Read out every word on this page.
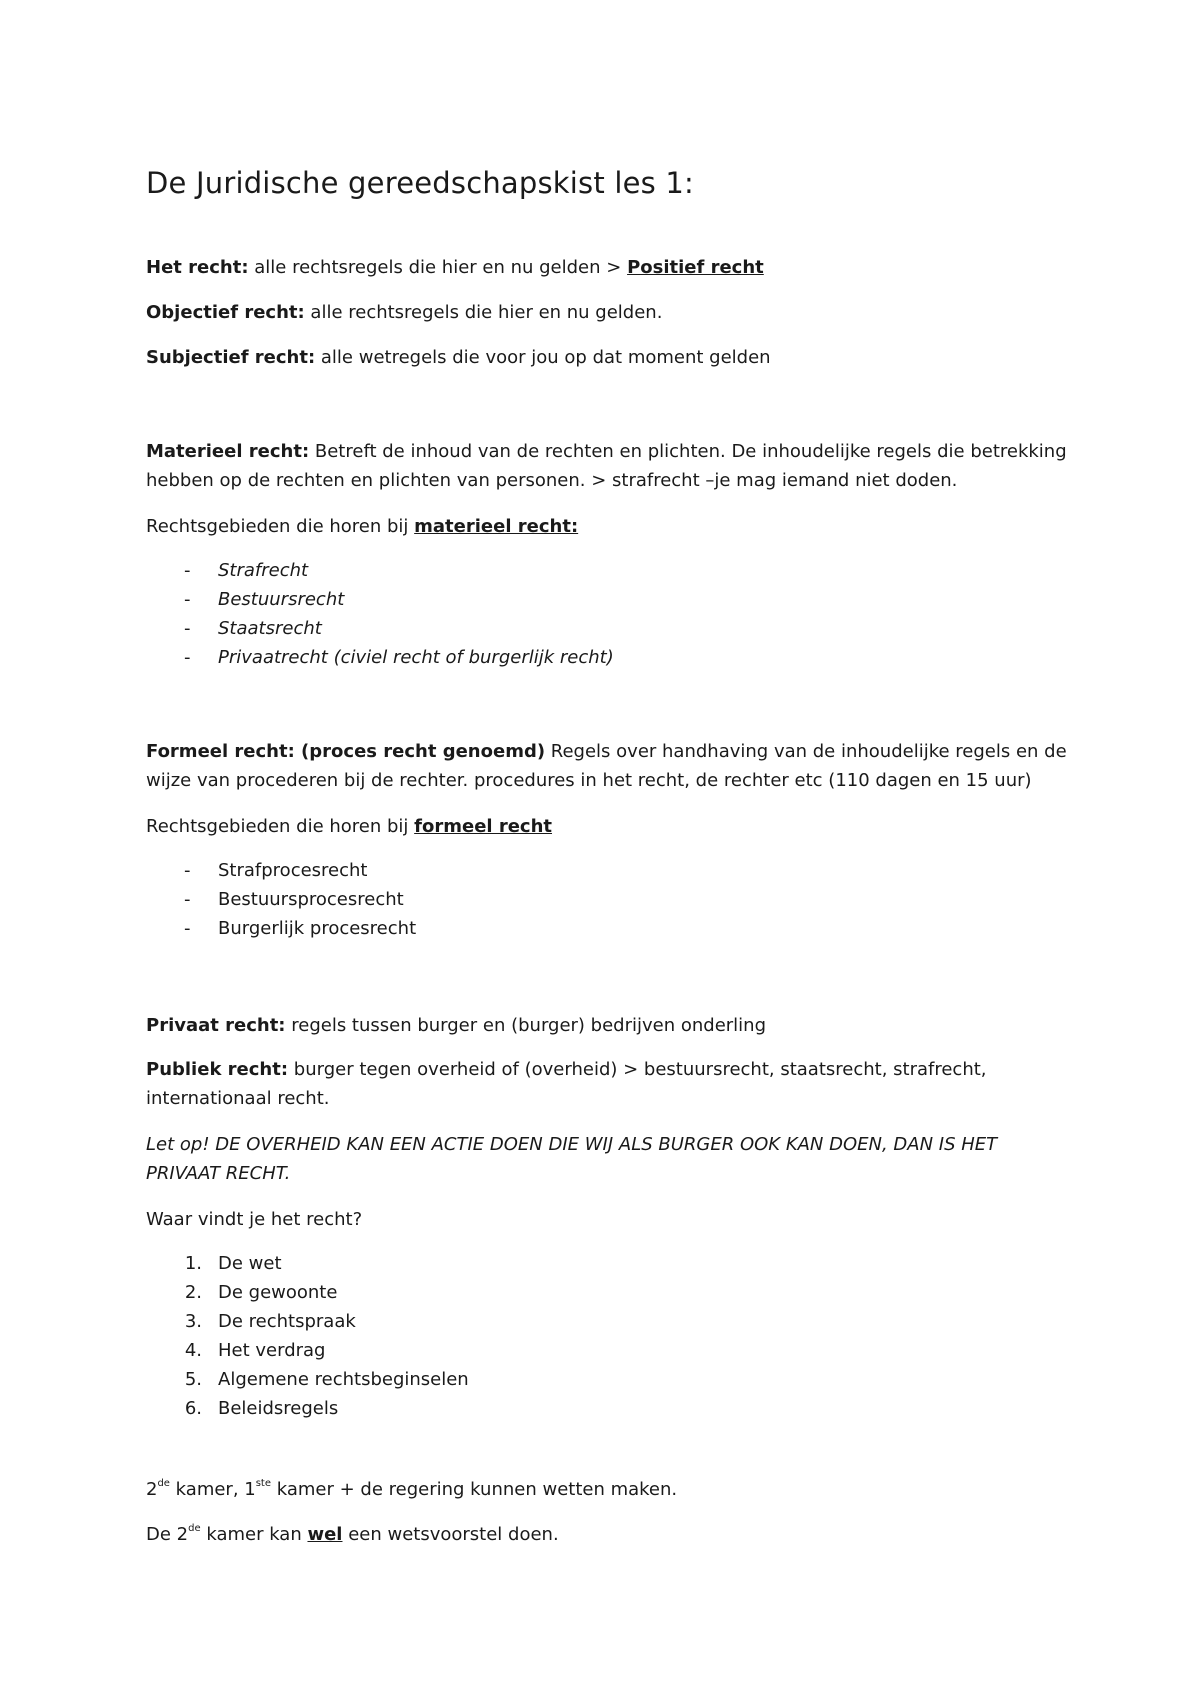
De Juridische gereedschapskist les 1:

Het recht: alle rechtsregels die hier en nu gelden > Positief recht

Objectief recht: alle rechtsregels die hier en nu gelden.

Subjectief recht: alle wetregels die voor jou op dat moment gelden

Materieel recht: Betreft de inhoud van de rechten en plichten. De inhoudelijke regels die betrekking

hebben op de rechten en plichten van personen. > strafrecht –je mag iemand niet doden.

Rechtsgebieden die horen bij materieel recht:

- Strafrecht
- Bestuursrecht
- Staatsrecht
- Privaatrecht (civiel recht of burgerlijk recht)

Formeel recht: (proces recht genoemd) Regels over handhaving van de inhoudelijke regels en de

wijze van procederen bij de rechter. procedures in het recht, de rechter etc (110 dagen en 15 uur)

Rechtsgebieden die horen bij formeel recht

- Strafprocesrecht
- Bestuursprocesrecht
- Burgerlijk procesrecht

Privaat recht: regels tussen burger en (burger) bedrijven onderling

Publiek recht: burger tegen overheid of (overheid) > bestuursrecht, staatsrecht, strafrecht,

internationaal recht.

Let op! DE OVERHEID KAN EEN ACTIE DOEN DIE WIJ ALS BURGER OOK KAN DOEN, DAN IS HET

PRIVAAT RECHT.

Waar vindt je het recht?

1. De wet
2. De gewoonte
3. De rechtspraak
4. Het verdrag
5. Algemene rechtsbeginselen
6. Beleidsregels

2de kamer, 1ste kamer + de regering kunnen wetten maken.

De 2de kamer kan wel een wetsvoorstel doen.
